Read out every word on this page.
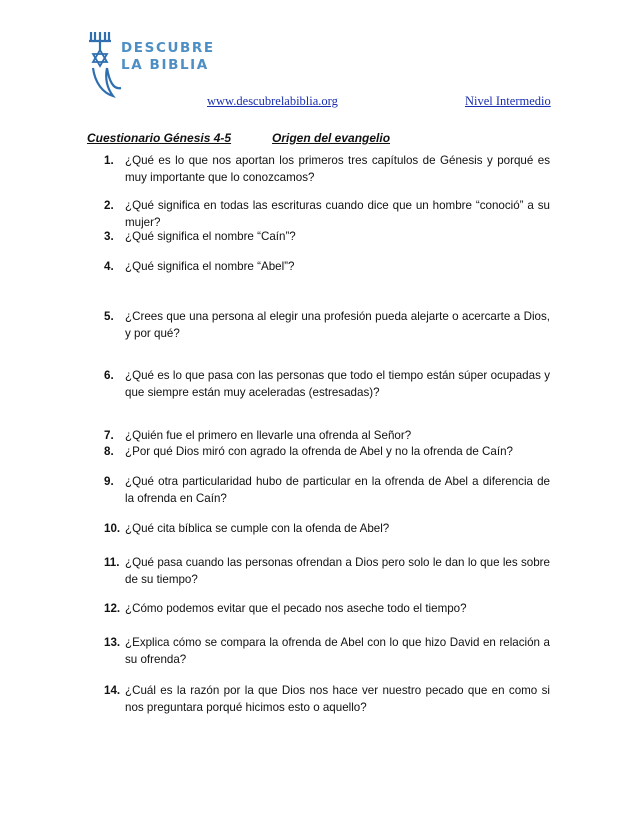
DESCUBRE
LA BIBLIA
www.descubrelabiblia.org	Nivel Intermedio
Cuestionario Génesis 4-5	Origen del evangelio
1. ¿Qué es lo que nos aportan los primeros tres capítulos de Génesis y porqué es muy importante que lo conozcamos?
2. ¿Qué significa en todas las escrituras cuando dice que un hombre “conoció” a su mujer?
3. ¿Qué significa el nombre “Caín”?
4. ¿Qué significa el nombre “Abel”?
5. ¿Crees que una persona al elegir una profesión pueda alejarte o acercarte a Dios, y por qué?
6. ¿Qué es lo que pasa con las personas que todo el tiempo están súper ocupadas y que siempre están muy aceleradas (estresadas)?
7. ¿Quién fue el primero en llevarle una ofrenda al Señor?
8. ¿Por qué Dios miró con agrado la ofrenda de Abel y no la ofrenda de Caín?
9. ¿Qué otra particularidad hubo de particular en la ofrenda de Abel a diferencia de la ofrenda en Caín?
10. ¿Qué cita bíblica se cumple con la ofenda de Abel?
11. ¿Qué pasa cuando las personas ofrendan a Dios pero solo le dan lo que les sobre de su tiempo?
12. ¿Cómo podemos evitar que el pecado nos aseche todo el tiempo?
13. ¿Explica cómo se compara la ofrenda de Abel con lo que hizo David en relación a su ofrenda?
14. ¿Cuál es la razón por la que Dios nos hace ver nuestro pecado que en como si nos preguntara porqué hicimos esto o aquello?
